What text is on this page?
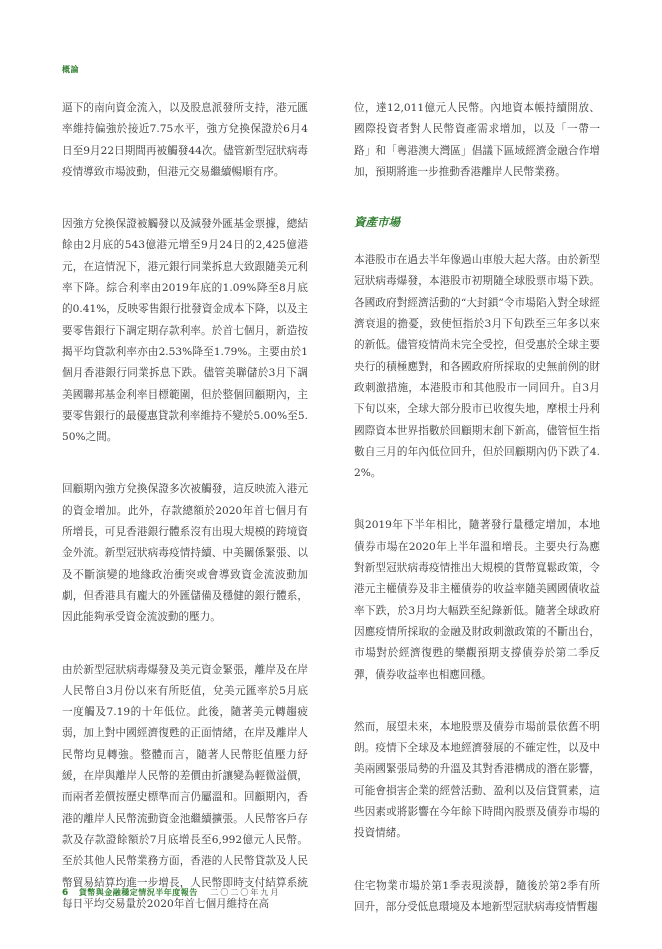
概論

逼下的南向資金流入，以及股息派發所支持，港元匯率維持偏強於接近7.75水平，強方兌換保證於6月4日至9月22日期間再被觸發44次。儘管新型冠狀病毒疫情導致市場波動，但港元交易繼續暢順有序。

因強方兌換保證被觸發以及減發外匯基金票據，總結餘由2月底的543億港元增至9月24日的2,425億港元，在這情況下，港元銀行同業拆息大致跟隨美元利率下降。綜合利率由2019年底的1.09%降至8月底的0.41%，反映零售銀行批發資金成本下降，以及主要零售銀行下調定期存款利率。於首七個月，新造按揭平均貸款利率亦由2.53%降至1.79%。主要由於1個月香港銀行同業拆息下跌。儘管美聯儲於3月下調美國聯邦基金利率目標範圍，但於整個回顧期內，主要零售銀行的最優惠貸款利率維持不變於5.00%至5.50%之間。

回顧期內強方兌換保證多次被觸發，這反映流入港元的資金增加。此外，存款總額於2020年首七個月有所增長，可見香港銀行體系沒有出現大規模的跨境資金外流。新型冠狀病毒疫情持續、中美關係緊張、以及不斷演變的地緣政治衝突或會導致資金流波動加劇，但香港具有龐大的外匯儲備及穩健的銀行體系，因此能夠承受資金流波動的壓力。

由於新型冠狀病毒爆發及美元資金緊張，離岸及在岸人民幣自3月份以來有所貶值，兌美元匯率於5月底一度觸及7.19的十年低位。此後，隨著美元轉趨疲弱，加上對中國經濟復甦的正面情緒，在岸及離岸人民幣均見轉強。整體而言，隨著人民幣貶值壓力紓緩，在岸與離岸人民幣的差價由折讓變為輕微溢價，而兩者差價按歷史標準而言仍屬溫和。回顧期內，香港的離岸人民幣流動資金池繼續擴張。人民幣客戶存款及存款證餘額於7月底增長至6,992億元人民幣。至於其他人民幣業務方面，香港的人民幣貸款及人民幣貿易結算均進一步增長，人民幣即時支付結算系統每日平均交易量於2020年首七個月維持在高

位，達12,011億元人民幣。內地資本帳持續開放、國際投資者對人民幣資產需求增加，以及「一帶一路」和「粵港澳大灣區」倡議下區域經濟金融合作增加，預期將進一步推動香港離岸人民幣業務。

資產市場

本港股市在過去半年像過山車般大起大落。由於新型冠狀病毒爆發，本港股市初期隨全球股票市場下跌。各國政府對經濟活動的“大封鎖”令市場陷入對全球經濟衰退的擔憂，致使恒指於3月下旬跌至三年多以來的新低。儘管疫情尚未完全受控，但受惠於全球主要央行的積極應對，和各國政府所採取的史無前例的財政刺激措施，本港股市和其他股市一同回升。自3月下旬以來，全球大部分股市已收復失地，摩根士丹利國際資本世界指數於回顧期末創下新高，儘管恒生指數自三月的年內低位回升，但於回顧期內仍下跌了4.2%。

與2019年下半年相比，隨著發行量穩定增加，本地債券市場在2020年上半年溫和增長。主要央行為應對新型冠狀病毒疫情推出大規模的貨幣寬鬆政策，令港元主權債券及非主權債券的收益率隨美國國債收益率下跌，於3月均大幅跌至紀錄新低。隨著全球政府因應疫情所採取的金融及財政刺激政策的不斷出台，市場對於經濟復甦的樂觀預期支撐債券於第二季反彈，債券收益率也相應回穩。

然而，展望未來，本地股票及債券市場前景依舊不明朗。疫情下全球及本地經濟發展的不確定性，以及中美兩國緊張局勢的升溫及其對香港構成的潛在影響，可能會損害企業的經營活動、盈利以及信貸質素，這些因素或將影響在今年餘下時間內股票及債券市場的投資情緒。

住宅物業市場於第1季表現淡靜，隨後於第2季有所回升，部分受低息環境及本地新型冠狀病毒疫情暫趨

6 貨幣與金融穩定情況半年度報告 二〇二〇年九月
